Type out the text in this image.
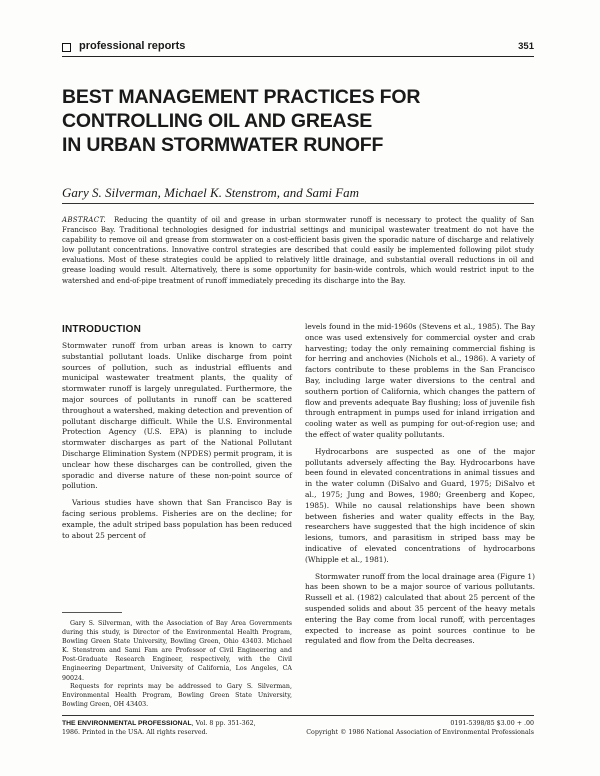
professional reports	351
BEST MANAGEMENT PRACTICES FOR
CONTROLLING OIL AND GREASE
IN URBAN STORMWATER RUNOFF

Gary S. Silverman, Michael K. Stenstrom, and Sami Fam

ABSTRACT. Reducing the quantity of oil and grease in urban stormwater runoff is necessary to protect the quality of San Francisco Bay. Traditional technologies designed for industrial settings and municipal wastewater treatment do not have the capability to remove oil and grease from stormwater on a cost-efficient basis given the sporadic nature of discharge and relatively low pollutant concentrations. Innovative control strategies are described that could easily be implemented following pilot study evaluations. Most of these strategies could be applied to relatively little drainage, and substantial overall reductions in oil and grease loading would result. Alternatively, there is some opportunity for basin-wide controls, which would restrict input to the watershed and end-of-pipe treatment of runoff immediately preceding its discharge into the Bay.

INTRODUCTION

Stormwater runoff from urban areas is known to carry substantial pollutant loads. Unlike discharge from point sources of pollution, such as industrial effluents and municipal wastewater treatment plants, the quality of stormwater runoff is largely unregulated. Furthermore, the major sources of pollutants in runoff can be scattered throughout a watershed, making detection and prevention of pollutant discharge difficult. While the U.S. Environmental Protection Agency (U.S. EPA) is planning to include stormwater discharges as part of the National Pollutant Discharge Elimination System (NPDES) permit program, it is unclear how these discharges can be controlled, given the sporadic and diverse nature of these non-point source of pollution.

Various studies have shown that San Francisco Bay is facing serious problems. Fisheries are on the decline; for example, the adult striped bass population has been reduced to about 25 percent of

levels found in the mid-1960s (Stevens et al., 1985). The Bay once was used extensively for commercial oyster and crab harvesting; today the only remaining commercial fishing is for herring and anchovies (Nichols et al., 1986). A variety of factors contribute to these problems in the San Francisco Bay, including large water diversions to the central and southern portion of California, which changes the pattern of flow and prevents adequate Bay flushing; loss of juvenile fish through entrapment in pumps used for inland irrigation and cooling water as well as pumping for out-of-region use; and the effect of water quality pollutants.

Hydrocarbons are suspected as one of the major pollutants adversely affecting the Bay. Hydrocarbons have been found in elevated concentrations in animal tissues and in the water column (DiSalvo and Guard, 1975; DiSalvo et al., 1975; Jung and Bowes, 1980; Greenberg and Kopec, 1985). While no causal relationships have been shown between fisheries and water quality effects in the Bay, researchers have suggested that the high incidence of skin lesions, tumors, and parasitism in striped bass may be indicative of elevated concentrations of hydrocarbons (Whipple et al., 1981).

Stormwater runoff from the local drainage area (Figure 1) has been shown to be a major source of various pollutants. Russell et al. (1982) calculated that about 25 percent of the suspended solids and about 35 percent of the heavy metals entering the Bay come from local runoff, with percentages expected to increase as point sources continue to be regulated and flow from the Delta decreases.

Gary S. Silverman, with the Association of Bay Area Governments during this study, is Director of the Environmental Health Program, Bowling Green State University, Bowling Green, Ohio 43403. Michael K. Stenstrom and Sami Fam are Professor of Civil Engineering and Post-Graduate Research Engineer, respectively, with the Civil Engineering Department, University of California, Los Angeles, CA 90024.

Requests for reprints may be addressed to Gary S. Silverman, Environmental Health Program, Bowling Green State University, Bowling Green, OH 43403.

THE ENVIRONMENTAL PROFESSIONAL, Vol. 8 pp. 351-362,
1986. Printed in the USA. All rights reserved.

0191-5398/85 $3.00 + .00
Copyright © 1986 National Association of Environmental Professionals
